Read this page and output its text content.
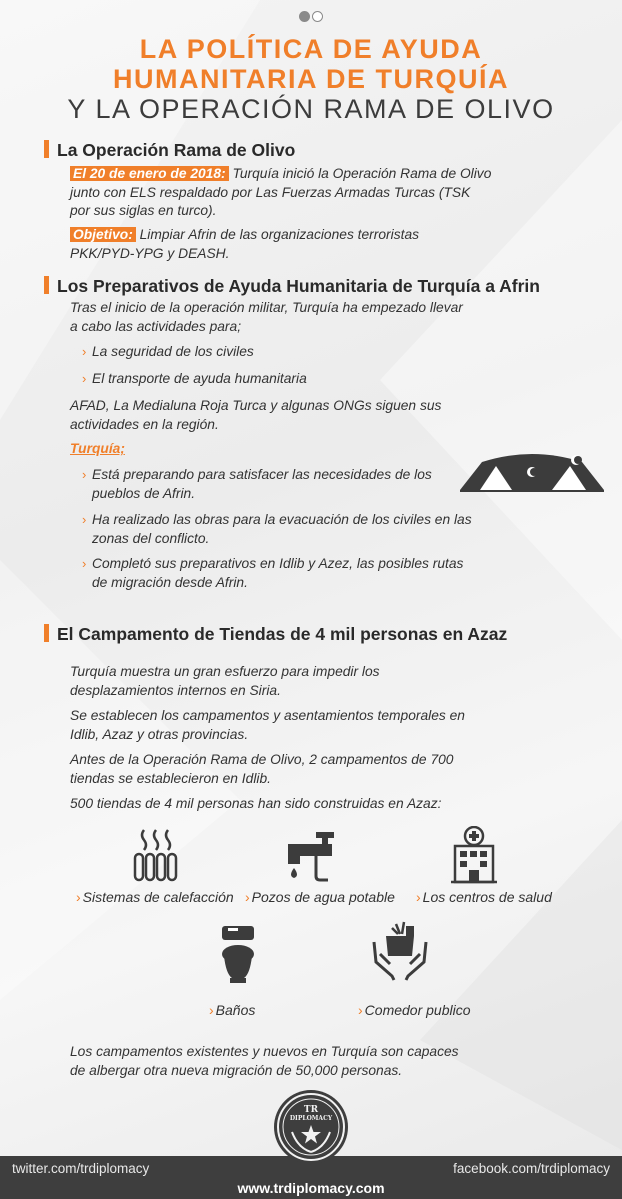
LA POLÍTICA DE AYUDA
HUMANITARIA DE TURQUÍA
Y LA OPERACIÓN RAMA DE OLIVO
La Operación Rama de Olivo
El 20 de enero de 2018: Turquía inició la Operación Rama de Olivo
junto con ELS respaldado por Las Fuerzas Armadas Turcas (TSK
por sus siglas en turco).
Objetivo: Limpiar Afrin de las organizaciones terroristas
PKK/PYD-YPG y DEASH.
Los Preparativos de Ayuda Humanitaria de Turquía a Afrin
Tras el inicio de la operación militar, Turquía ha empezado llevar
a cabo las actividades para;
› La seguridad de los civiles
› El transporte de ayuda humanitaria
AFAD, La Medialuna Roja Turca y algunas ONGs siguen sus
actividades en la región.
Turquía;
› Está preparando para satisfacer las necesidades de los
pueblos de Afrin.
› Ha realizado las obras para la evacuación de los civiles en las
zonas del conflicto.
› Completó sus preparativos en Idlib y Azez, las posibles rutas
de migración desde Afrin.
El Campamento de Tiendas de 4 mil personas en Azaz
Turquía muestra un gran esfuerzo para impedir los
desplazamientos internos en Siria.
Se establecen los campamentos y asentamientos temporales en
Idlib, Azaz y otras provincias.
Antes de la Operación Rama de Olivo, 2 campamentos de 700
tiendas se establecieron en Idlib.
500 tiendas de 4 mil personas han sido construidas en Azaz:
› Sistemas de calefacción › Pozos de agua potable › Los centros de salud
› Baños	› Comedor publico
Los campamentos existentes y nuevos en Turquía son capaces
de albergar otra nueva migración de 50,000 personas.
TR
DIPLOMACY
twitter.com/trdiplomacy	facebook.com/trdiplomacy
www.trdiplomacy.com
